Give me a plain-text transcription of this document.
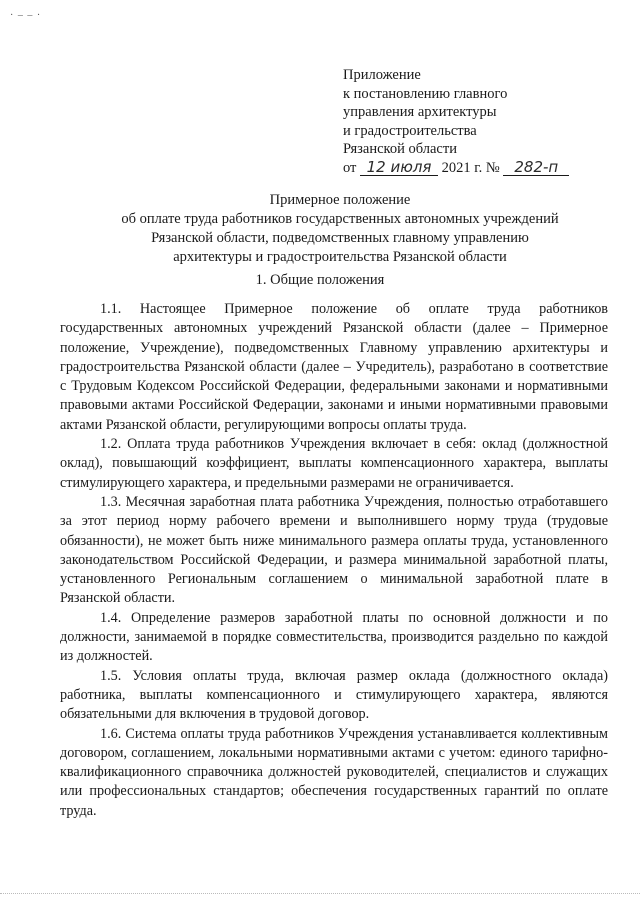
· – – ·
Приложение
к постановлению главного
управления архитектуры
и градостроительства
Рязанской области
от 12 июля 2021 г. № 282-п
Примерное положение
об оплате труда работников государственных автономных учреждений
Рязанской области, подведомственных главному управлению
архитектуры и градостроительства Рязанской области
1. Общие положения

1.1. Настоящее Примерное положение об оплате труда работников государственных автономных учреждений Рязанской области (далее – Примерное положение, Учреждение), подведомственных Главному управлению архитектуры и градостроительства Рязанской области (далее – Учредитель), разработано в соответствие с Трудовым Кодексом Российской Федерации, федеральными законами и нормативными правовыми актами Российской Федерации, законами и иными нормативными правовыми актами Рязанской области, регулирующими вопросы оплаты труда.

1.2. Оплата труда работников Учреждения включает в себя: оклад (должностной оклад), повышающий коэффициент, выплаты компенсационного характера, выплаты стимулирующего характера, и предельными размерами не ограничивается.

1.3. Месячная заработная плата работника Учреждения, полностью отработавшего за этот период норму рабочего времени и выполнившего норму труда (трудовые обязанности), не может быть ниже минимального размера оплаты труда, установленного законодательством Российской Федерации, и размера минимальной заработной платы, установленного Региональным соглашением о минимальной заработной плате в Рязанской области.

1.4. Определение размеров заработной платы по основной должности и по должности, занимаемой в порядке совместительства, производится раздельно по каждой из должностей.

1.5. Условия оплаты труда, включая размер оклада (должностного оклада) работника, выплаты компенсационного и стимулирующего характера, являются обязательными для включения в трудовой договор.

1.6. Система оплаты труда работников Учреждения устанавливается коллективным договором, соглашением, локальными нормативными актами с учетом: единого тарифно-квалификационного справочника должностей руководителей, специалистов и служащих или профессиональных стандартов; обеспечения государственных гарантий по оплате труда.
